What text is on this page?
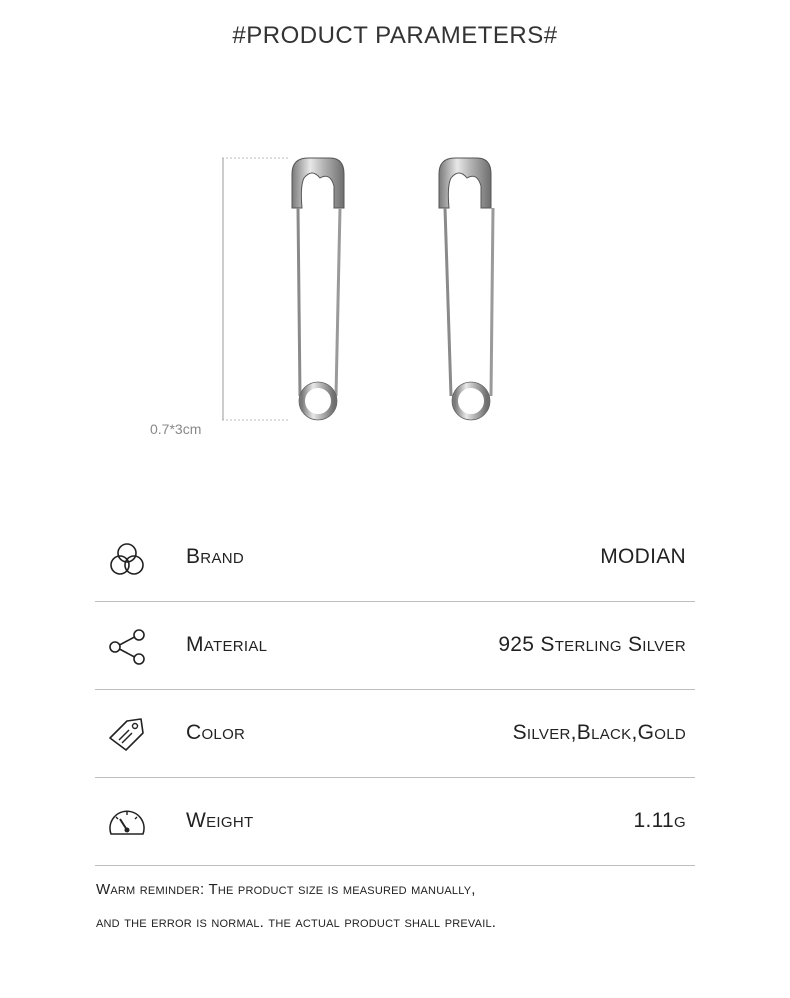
#PRODUCT PARAMETERS#
0.7*3cm
Brand	MODIAN
Material	925 Sterling Silver
Color	Silver,Black,Gold
Weight	1.11g
Warm reminder: The product size is measured manually,
and the error is normal. the actual product shall prevail.
